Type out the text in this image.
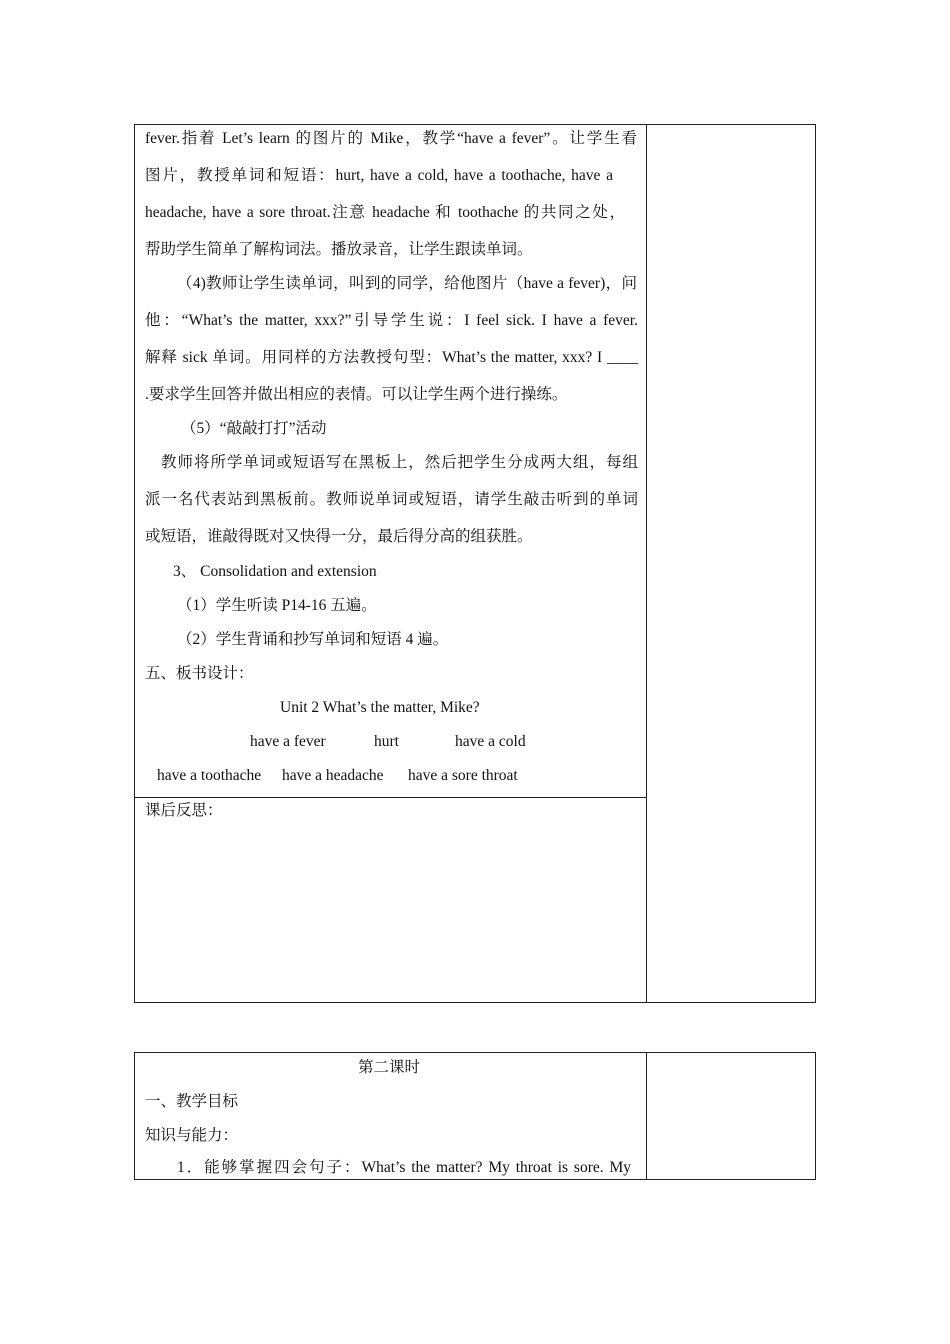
fever.指着 Let’s learn 的图片的 Mike，教学“have a fever”。让学生看
图片，教授单词和短语：hurt, have a cold, have a toothache, have a
headache, have a sore throat.注意 headache 和 toothache 的共同之处，
帮助学生简单了解构词法。播放录音，让学生跟读单词。
（4)教师让学生读单词，叫到的同学，给他图片（have a fever)，问
他：“What’s the matter, xxx?”引导学生说：I feel sick. I have a fever.
解释 sick 单词。用同样的方法教授句型：What’s the matter, xxx? I ____
.要求学生回答并做出相应的表情。可以让学生两个进行操练。
（5）“敲敲打打”活动
教师将所学单词或短语写在黑板上，然后把学生分成两大组，每组
派一名代表站到黑板前。教师说单词或短语，请学生敲击听到的单词
或短语，谁敲得既对又快得一分，最后得分高的组获胜。
3、 Consolidation and extension
（1）学生听读 P14-16 五遍。
（2）学生背诵和抄写单词和短语 4 遍。
五、板书设计：
Unit 2 What’s the matter, Mike?
have a fever	hurt	have a cold
have a toothache have a headache have a sore throat
课后反思：
第二课时
一、教学目标
知识与能力：
1．能够掌握四会句子：What’s the matter? My throat is sore. My
